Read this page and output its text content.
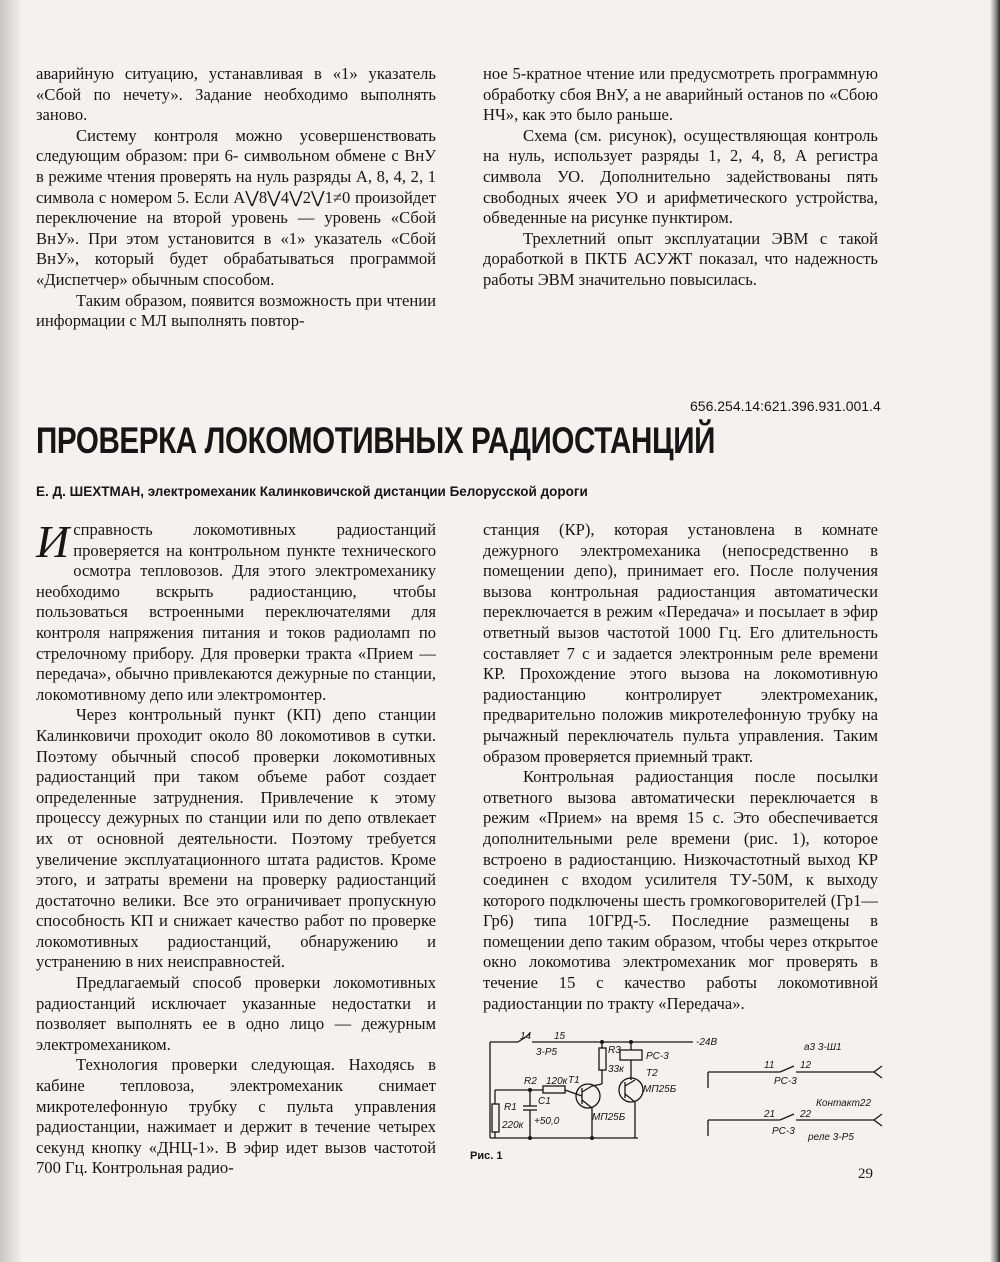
аварийную ситуацию, устанавливая в «1» указатель «Сбой по нечету». Задание необходимо выполнять заново.

Систему контроля можно усовершенствовать следующим образом: при 6- символьном обмене с ВнУ в режиме чтения проверять на нуль разряды А, 8, 4, 2, 1 символа с номером 5. Если A⋁8⋁4⋁2⋁1≠0 произойдет переключение на второй уровень — уровень «Сбой ВнУ». При этом установится в «1» указатель «Сбой ВнУ», который будет обрабатываться программой «Диспетчер» обычным способом.

Таким образом, появится возможность при чтении информации с МЛ выполнять повтор-

ное 5-кратное чтение или предусмотреть программную обработку сбоя ВнУ, а не аварийный останов по «Сбою НЧ», как это было раньше.

Схема (см. рисунок), осуществляющая контроль на нуль, использует разряды 1, 2, 4, 8, А регистра символа УО. Дополнительно задействованы пять свободных ячеек УО и арифметического устройства, обведенные на рисунке пунктиром.

Трехлетний опыт эксплуатации ЭВМ с такой доработкой в ПКТБ АСУЖТ показал, что надежность работы ЭВМ значительно повысилась.

656.254.14:621.396.931.001.4
ПРОВЕРКА ЛОКОМОТИВНЫХ РАДИОСТАНЦИЙ
Е. Д. ШЕХТМАН, электромеханик Калинковичской дистанции Белорусской дороги

Исправность локомотивных радиостанций проверяется на контрольном пункте технического осмотра тепловозов. Для этого электромеханику необходимо вскрыть радиостанцию, чтобы пользоваться встроенными переключателями для контроля напряжения питания и токов радиоламп по стрелочному прибору. Для проверки тракта «Прием — передача», обычно привлекаются дежурные по станции, локомотивному депо или электромонтер.

Через контрольный пункт (КП) депо станции Калинковичи проходит около 80 локомотивов в сутки. Поэтому обычный способ проверки локомотивных радиостанций при таком объеме работ создает определенные затруднения. Привлечение к этому процессу дежурных по станции или по депо отвлекает их от основной деятельности. Поэтому требуется увеличение эксплуатационного штата радистов. Кроме этого, и затраты времени на проверку радиостанций достаточно велики. Все это ограничивает пропускную способность КП и снижает качество работ по проверке локомотивных радиостанций, обнаружению и устранению в них неисправностей.

Предлагаемый способ проверки локомотивных радиостанций исключает указанные недостатки и позволяет выполнять ее в одно лицо — дежурным электромехаником.

Технология проверки следующая. Находясь в кабине тепловоза, электромеханик снимает микротелефонную трубку с пульта управления радиостанции, нажимает и держит в течение четырех секунд кнопку «ДНЦ-1». В эфир идет вызов частотой 700 Гц. Контрольная радио-

станция (КР), которая установлена в комнате дежурного электромеханика (непосредственно в помещении депо), принимает его. После получения вызова контрольная радиостанция автоматически переключается в режим «Передача» и посылает в эфир ответный вызов частотой 1000 Гц. Его длительность составляет 7 с и задается электронным реле времени КР. Прохождение этого вызова на локомотивную радиостанцию контролирует электромеханик, предварительно положив микротелефонную трубку на рычажный переключатель пульта управления. Таким образом проверяется приемный тракт.

Контрольная радиостанция после посылки ответного вызова автоматически переключается в режим «Прием» на время 15 с. Это обеспечивается дополнительными реле времени (рис. 1), которое встроено в радиостанцию. Низкочастотный выход КР соединен с входом усилителя ТУ-50М, к выходу которого подключены шесть громкоговорителей (Гр1—Гр6) типа 10ГРД-5. Последние размещены в помещении депо таким образом, чтобы через открытое окно локомотива электромеханик мог проверять в течение 15 с качество работы локомотивной радиостанции по тракту «Передача».

14 15
3-Р5	R3
33к
РС-3
-24В
Т1
Т2
МП25Б
МП25Б
R2 120к
С1
+50,0
R1
220к
а3 3-Ш1
11	12
РС-3
Контакт22
21 22
РС-3
реле 3-Р5
Рис. 1
29
